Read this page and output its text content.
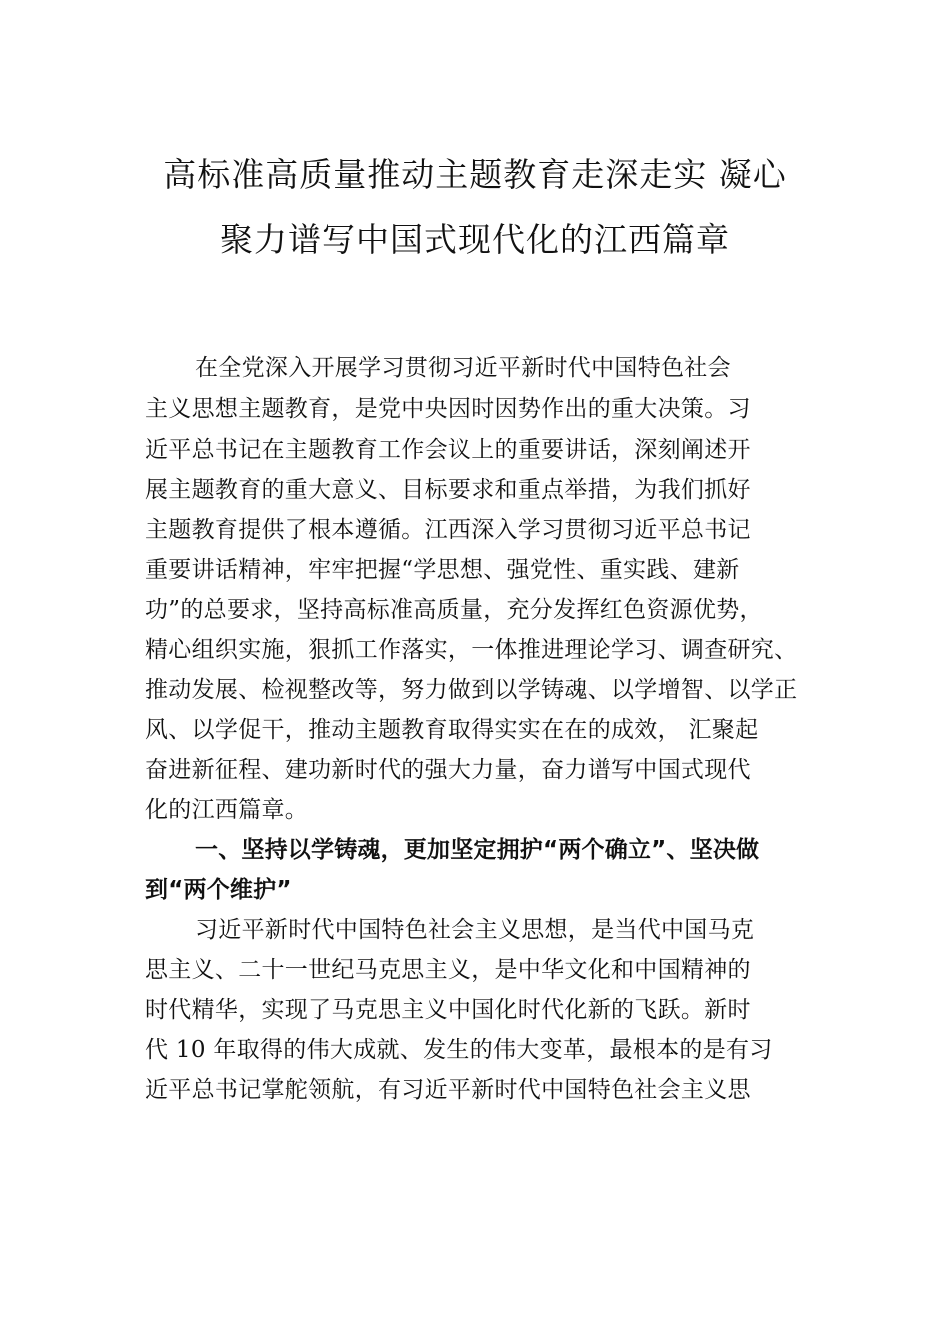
高标准高质量推动主题教育走深走实 凝心
聚力谱写中国式现代化的江西篇章
在全党深入开展学习贯彻习近平新时代中国特色社会
主义思想主题教育，是党中央因时因势作出的重大决策。习
近平总书记在主题教育工作会议上的重要讲话，深刻阐述开
展主题教育的重大意义、目标要求和重点举措，为我们抓好
主题教育提供了根本遵循。江西深入学习贯彻习近平总书记
重要讲话精神，牢牢把握“学思想、强党性、重实践、建新
功”的总要求，坚持高标准高质量，充分发挥红色资源优势，
精心组织实施，狠抓工作落实，一体推进理论学习、调查研究、
推动发展、检视整改等，努力做到以学铸魂、以学增智、以学正
风、以学促干，推动主题教育取得实实在在的成效， 汇聚起
奋进新征程、建功新时代的强大力量，奋力谱写中国式现代
化的江西篇章。
一、坚持以学铸魂，更加坚定拥护“两个确立”、坚决做
到“两个维护”
习近平新时代中国特色社会主义思想，是当代中国马克
思主义、二十一世纪马克思主义，是中华文化和中国精神的
时代精华，实现了马克思主义中国化时代化新的飞跃。新时
代 10 年取得的伟大成就、发生的伟大变革，最根本的是有习
近平总书记掌舵领航，有习近平新时代中国特色社会主义思
